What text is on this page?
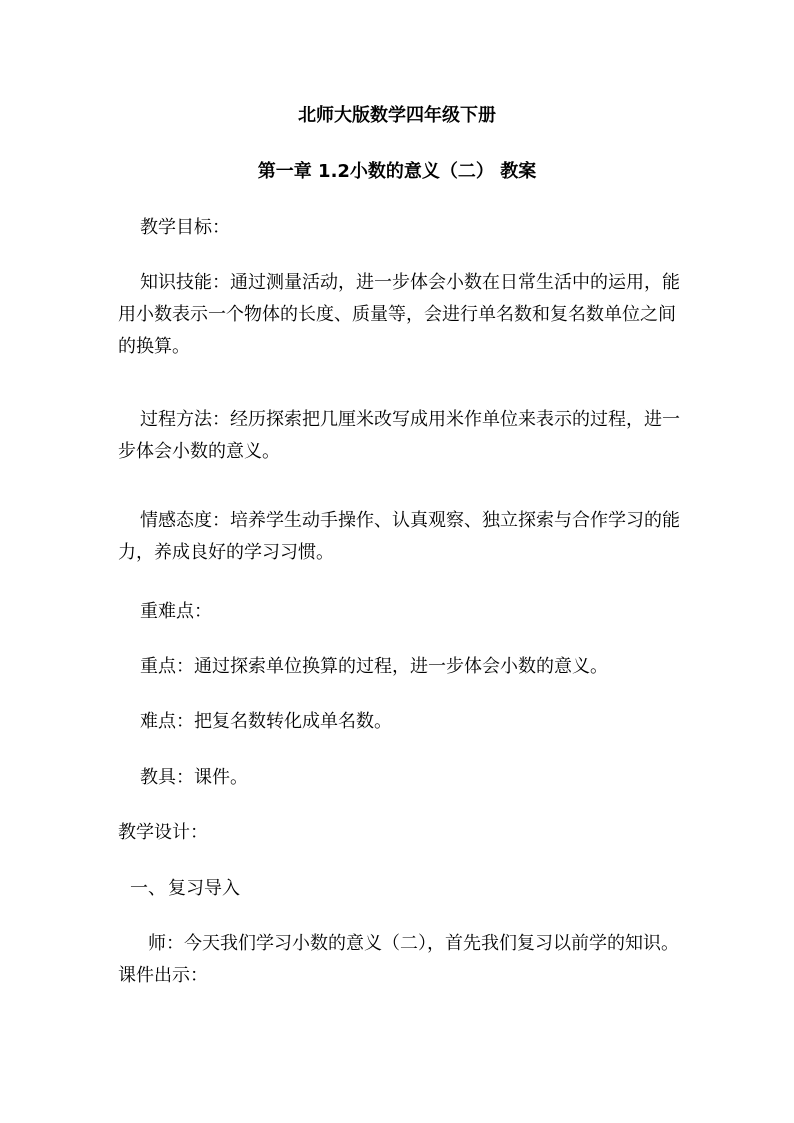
北师大版数学四年级下册
第一章 1.2小数的意义（二） 教案

教学目标：

知识技能：通过测量活动，进一步体会小数在日常生活中的运用，能用小数表示一个物体的长度、质量等，会进行单名数和复名数单位之间的换算。

过程方法：经历探索把几厘米改写成用米作单位来表示的过程，进一步体会小数的意义。

情感态度：培养学生动手操作、认真观察、独立探索与合作学习的能力，养成良好的学习习惯。

重难点：

重点：通过探索单位换算的过程，进一步体会小数的意义。

难点：把复名数转化成单名数。

教具：课件。

教学设计：

一、 复习导入

师：今天我们学习小数的意义（二），首先我们复习以前学的知识。课件出示：
